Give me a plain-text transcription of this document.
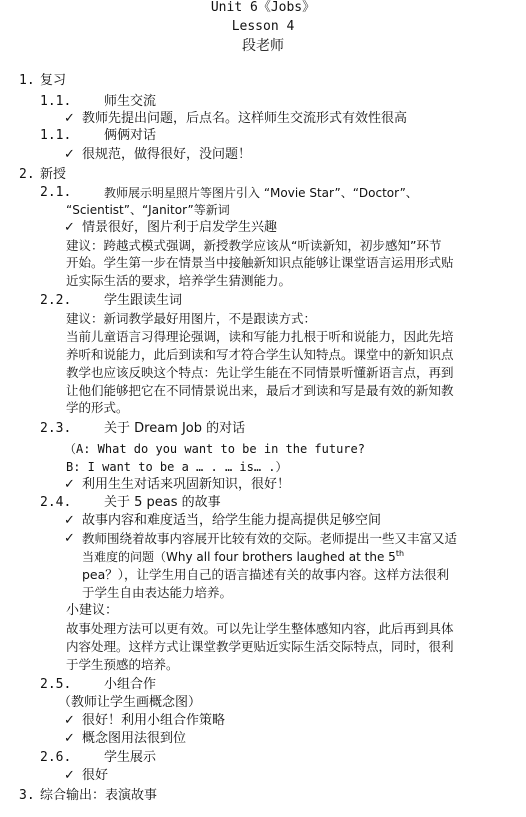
Unit 6《Jobs》
Lesson 4
段老师
1. 复习
1.1.	师生交流
✓ 教师先提出问题，后点名。这样师生交流形式有效性很高
1.1.	俩俩对话
✓ 很规范，做得很好，没问题！
2. 新授
2.1.	教师展示明星照片等图片引入 “Movie Star”、“Doctor”、
“Scientist”、“Janitor”等新词
✓ 情景很好，图片利于启发学生兴趣
建议：跨越式模式强调，新授教学应该从“听读新知，初步感知”环节
开始。学生第一步在情景当中接触新知识点能够让课堂语言运用形式贴
近实际生活的要求，培养学生猜测能力。
2.2.	学生跟读生词
建议：新词教学最好用图片，不是跟读方式：
当前儿童语言习得理论强调，读和写能力扎根于听和说能力，因此先培
养听和说能力，此后到读和写才符合学生认知特点。课堂中的新知识点
教学也应该反映这个特点：先让学生能在不同情景听懂新语言点，再到
让他们能够把它在不同情景说出来，最后才到读和写是最有效的新知教
学的形式。
2.3.	关于 Dream Job 的对话
（A: What do you want to be in the future?
B: I want to be a … . … is… .）
✓ 利用生生对话来巩固新知识，很好！
2.4.	关于 5 peas 的故事
✓ 故事内容和难度适当，给学生能力提高提供足够空间
✓ 教师围绕着故事内容展开比较有效的交际。老师提出一些又丰富又适
当难度的问题（Why all four brothers laughed at the 5th
pea？），让学生用自己的语言描述有关的故事内容。这样方法很利
于学生自由表达能力培养。
小建议：
故事处理方法可以更有效。可以先让学生整体感知内容，此后再到具体
内容处理。这样方式让课堂教学更贴近实际生活交际特点，同时，很利
于学生预感的培养。
2.5.	小组合作
（教师让学生画概念图）
✓ 很好！利用小组合作策略
✓ 概念图用法很到位
2.6.	学生展示
✓ 很好
3. 综合输出：表演故事
